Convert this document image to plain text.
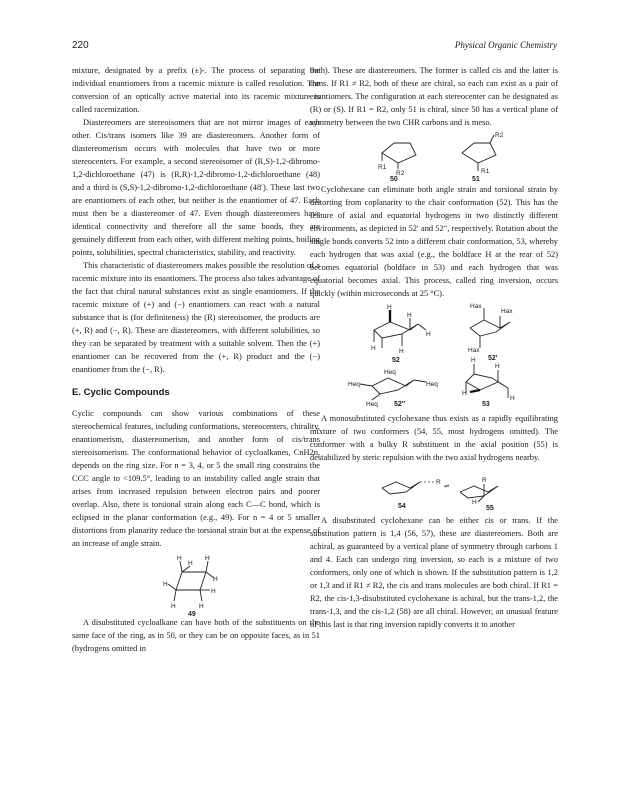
220	Physical Organic Chemistry

mixture, designated by a prefix (±)-. The process of separating the individual enantiomers from a racemic mixture is called resolution. The conversion of an optically active material into its racemic mixture is called racemization.

Diastereomers are stereoisomers that are not mirror images of each other. Cis/trans isomers like 39 are diastereomers. Another form of diastereomerism occurs with molecules that have two or more stereocenters. For example, a second stereoisomer of (R,S)-1,2-dibromo-1,2-dichloroethane (47) is (R,R)-1,2-dibromo-1,2-dichloroethane (48) and a third is (S,S)-1,2-dibromo-1,2-dichloroethane (48′). These last two are enantiomers of each other, but neither is the enantiomer of 47. Each must then be a diastereomer of 47. Even though diastereomers have identical connectivity and therefore all the same bonds, they are genuinely different from each other, with different melting points, boiling points, solubilities, spectral characteristics, stability, and reactivity.

This characteristic of diastereomers makes possible the resolution of a racemic mixture into its enantiomers. The process also takes advantage of the fact that chiral natural substances exist as single enantiomers. If the racemic mixture of (+) and (−) enantiomers can react with a natural substance that is (for definiteness) the (R) stereoisomer, the products are (+, R) and (−, R). These are diastereomers, with different solubilities, so they can be separated by treatment with a suitable solvent. Then the (+) enantiomer can be recovered from the (+, R) product and the (−) enantiomer from the (−, R).

E. Cyclic Compounds

Cyclic compounds can show various combinations of these stereochemical features, including conformations, stereocenters, chirality, enantiomerism, diastereomerism, and another form of cis/trans stereoisomerism. The conformational behavior of cycloalkanes, CnH2n, depends on the ring size. For n = 3, 4, or 5 the small ring constrains the CCC angle to <109.5°, leading to an instability called angle strain that arises from increased repulsion between electron pairs and poorer overlap. Also, there is torsional strain along each C—C bond, which is eclipsed in the planar conformation (e.g., 49). For n = 4 or 5 smaller distortions from planarity reduce the torsional strain but at the expense of an increase of angle strain.

H	H
H
H
H
H
H	H
49

A disubstituted cycloalkane can have both of the substituents on the same face of the ring, as in 50, or they can be on opposite faces, as in 51 (hydrogens omitted in

both). These are diastereomers. The former is called cis and the latter is trans. If R1 ≠ R2, both of these are chiral, so each can exist as a pair of enantiomers. The configuration at each stereocenter can be designated as (R) or (S). If R1 = R2, only 51 is chiral, since 50 has a vertical plane of symmetry between the two CHR carbons and is meso.

R1
R2
50
R2
R1
51

Cyclohexane can eliminate both angle strain and torsional strain by distorting from coplanarity to the chair conformation (52). This has the feature of axial and equatorial hydrogens in two distinctly different environments, as depicted in 52′ and 52″, respectively. Rotation about the single bonds converts 52 into a different chair conformation, 53, whereby each hydrogen that was axial (e.g., the boldface H at the rear of 52) becomes equatorial (boldface in 53) and each hydrogen that was equatorial becomes axial. This process, called ring inversion, occurs quickly (within microseconds at 25 °C).

H
H
H	H
H
52
Hax
Hax
Hax
52′
Heq
Heq	Heq
Heq 52″
H
H
H
H
53

A monosubstituted cyclohexane thus exists as a rapidly equilibrating mixture of two conformers (54, 55, most hydrogens omitted). The conformer with a bulky R substituent in the axial position (55) is destabilized by steric repulsion with the two axial hydrogens nearby.

R
54
⇌
R
H
55

A disubstituted cyclohexane can be either cis or trans. If the substitution pattern is 1,4 (56, 57), these are diastereomers. Both are achiral, as guaranteed by a vertical plane of symmetry through carbons 1 and 4. Each can undergo ring inversion, so each is a mixture of two conformers, only one of which is shown. If the substitution pattern is 1,2 or 1,3 and if R1 ≠ R2, the cis and trans molecules are both chiral. If R1 = R2, the cis-1,3-disubstituted cyclohexane is achiral, but the trans-1,2, the trans-1,3, and the cis-1,2 (58) are all chiral. However, an unusual feature of this last is that ring inversion rapidly converts it to another
